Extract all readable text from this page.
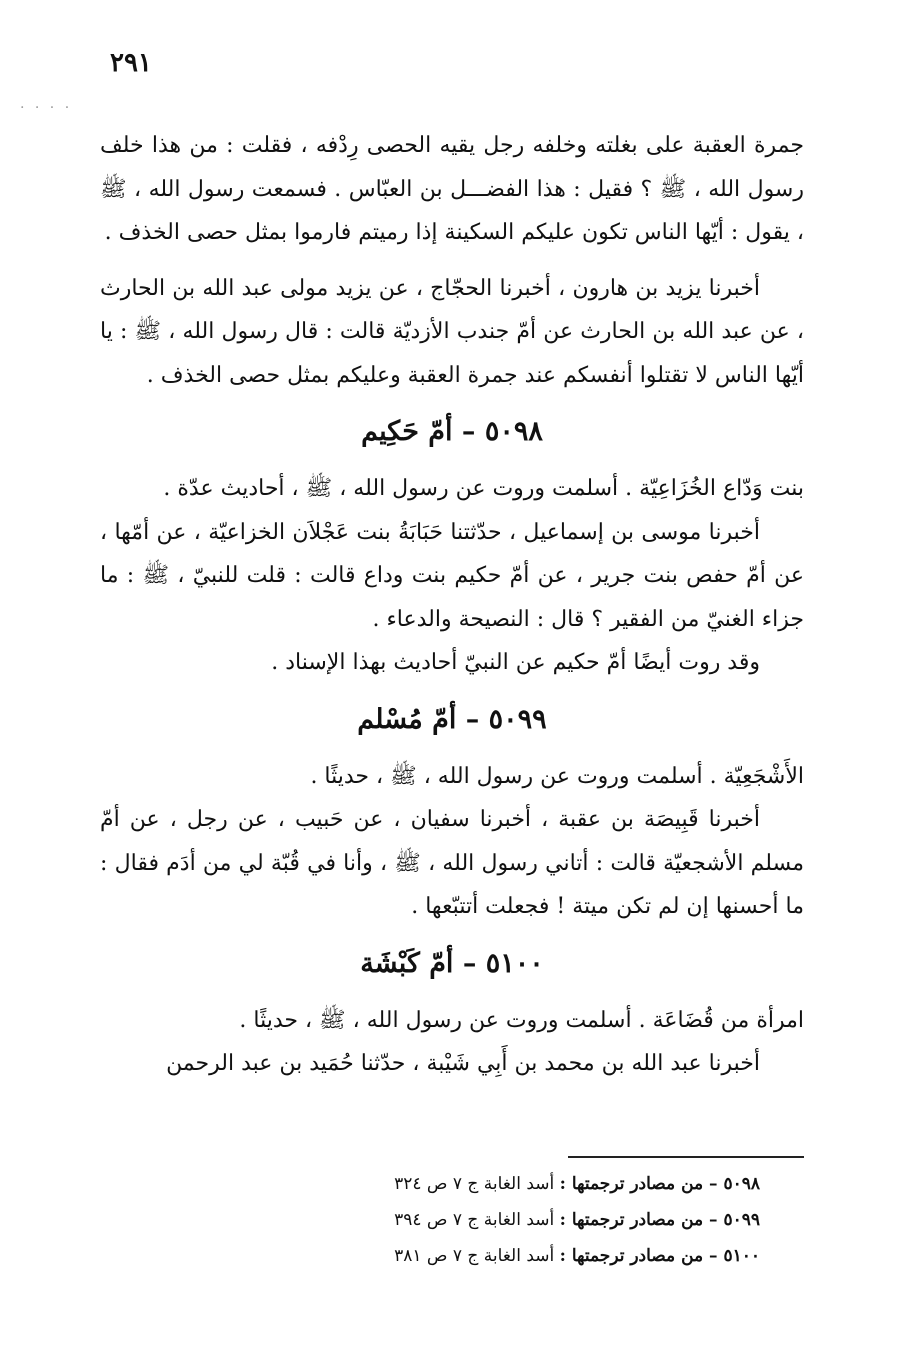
٢٩١
. . . .

جمرة العقبة على بغلته وخلفه رجل يقيه الحصى رِدْفه ، فقلت : من هذا خلف رسول الله ، ﷺ ؟ فقيل : هذا الفضـــل بن العبّاس . فسمعت رسول الله ، ﷺ ، يقول : أيّها الناس تكون عليكم السكينة إذا رميتم فارموا بمثل حصى الخذف .

أخبرنا يزيد بن هارون ، أخبرنا الحجّاج ، عن يزيد مولى عبد الله بن الحارث ، عن عبد الله بن الحارث عن أمّ جندب الأزديّة قالت : قال رسول الله ، ﷺ : يا أيّها الناس لا تقتلوا أنفسكم عند جمرة العقبة وعليكم بمثل حصى الخذف .

٥٠٩٨ – أمّ حَكِيم

بنت وَدّاع الخُزَاعِيّة . أسلمت وروت عن رسول الله ، ﷺ ، أحاديث عدّة .

أخبرنا موسى بن إسماعيل ، حدّثتنا حَبَابَةُ بنت عَجْلاَن الخزاعيّة ، عن أمّها ، عن أمّ حفص بنت جرير ، عن أمّ حكيم بنت وداع قالت : قلت للنبيّ ، ﷺ : ما جزاء الغنيّ من الفقير ؟ قال : النصيحة والدعاء .

وقد روت أيضًا أمّ حكيم عن النبيّ أحاديث بهذا الإسناد .

٥٠٩٩ – أمّ مُسْلم

الأَشْجَعِيّة . أسلمت وروت عن رسول الله ، ﷺ ، حديثًا .

أخبرنا قَبِيصَة بن عقبة ، أخبرنا سفيان ، عن حَبيب ، عن رجل ، عن أمّ مسلم الأشجعيّة قالت : أتاني رسول الله ، ﷺ ، وأنا في قُبّة لي من أدَم فقال : ما أحسنها إن لم تكن ميتة ! فجعلت أتتبّعها .

٥١٠٠ – أمّ كَبْشَة

امرأة من قُضَاعَة . أسلمت وروت عن رسول الله ، ﷺ ، حديثًا .

أخبرنا عبد الله بن محمد بن أَبِي شَيْبة ، حدّثنا حُمَيد بن عبد الرحمن

٥٠٩٨ – من مصادر ترجمتها : أسد الغابة ج ٧ ص ٣٢٤

٥٠٩٩ – من مصادر ترجمتها : أسد الغابة ج ٧ ص ٣٩٤

٥١٠٠ – من مصادر ترجمتها : أسد الغابة ج ٧ ص ٣٨١
